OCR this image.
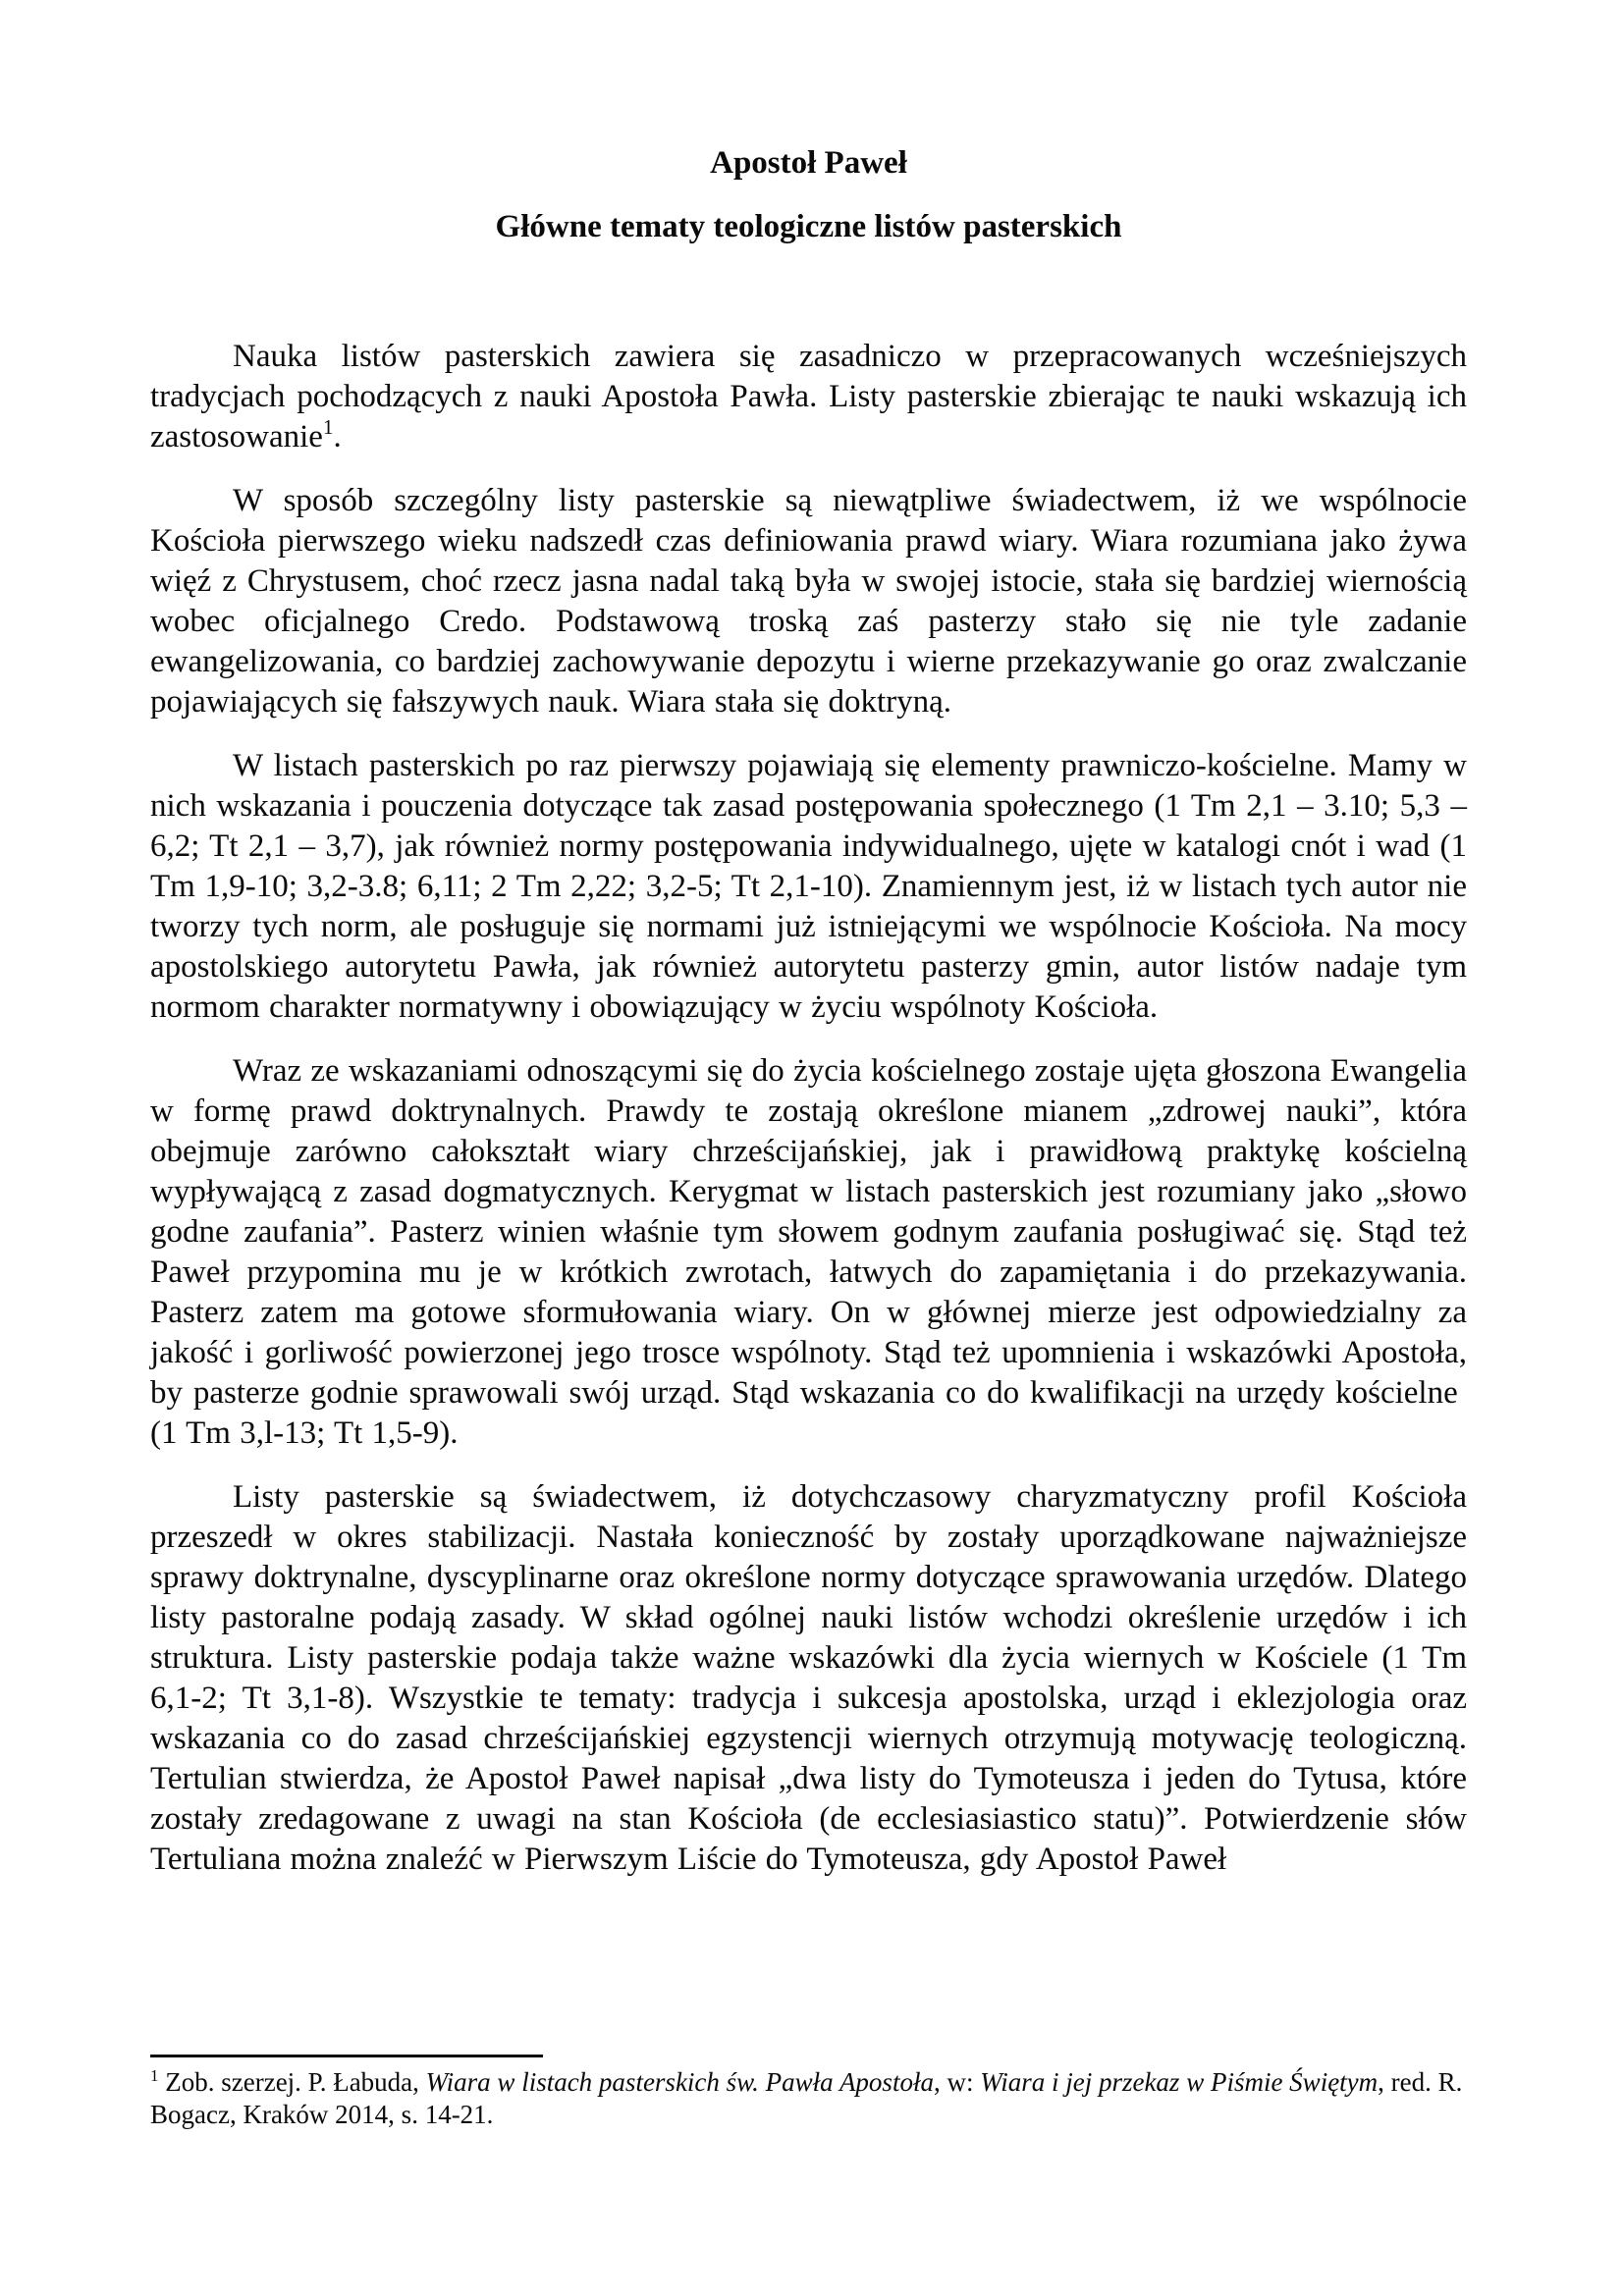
Apostoł Paweł
Główne tematy teologiczne listów pasterskich

Nauka listów pasterskich zawiera się zasadniczo w przepracowanych wcześniejszych tradycjach pochodzących z nauki Apostoła Pawła. Listy pasterskie zbierając te nauki wskazują ich zastosowanie$^1$.

W sposób szczególny listy pasterskie są niewątpliwe świadectwem, iż we wspólnocie Kościoła pierwszego wieku nadszedł czas definiowania prawd wiary. Wiara rozumiana jako żywa więź z Chrystusem, choć rzecz jasna nadal taką była w swojej istocie, stała się bardziej wiernością wobec oficjalnego Credo. Podstawową troską zaś pasterzy stało się nie tyle zadanie ewangelizowania, co bardziej zachowywanie depozytu i wierne przekazywanie go oraz zwalczanie pojawiających się fałszywych nauk. Wiara stała się doktryną.

W listach pasterskich po raz pierwszy pojawiają się elementy prawniczo-kościelne. Mamy w nich wskazania i pouczenia dotyczące tak zasad postępowania społecznego (1 Tm 2,1 – 3.10; 5,3 – 6,2; Tt 2,1 – 3,7), jak również normy postępowania indywidualnego, ujęte w katalogi cnót i wad (1 Tm 1,9-10; 3,2-3.8; 6,11; 2 Tm 2,22; 3,2-5; Tt 2,1-10). Znamiennym jest, iż w listach tych autor nie tworzy tych norm, ale posługuje się normami już istniejącymi we wspólnocie Kościoła. Na mocy apostolskiego autorytetu Pawła, jak również autorytetu pasterzy gmin, autor listów nadaje tym normom charakter normatywny i obowiązujący w życiu wspólnoty Kościoła.

Wraz ze wskazaniami odnoszącymi się do życia kościelnego zostaje ujęta głoszona Ewangelia w formę prawd doktrynalnych. Prawdy te zostają określone mianem „zdrowej nauki”, która obejmuje zarówno całokształt wiary chrześcijańskiej, jak i prawidłową praktykę kościelną wypływającą z zasad dogmatycznych. Kerygmat w listach pasterskich jest rozumiany jako „słowo godne zaufania”. Pasterz winien właśnie tym słowem godnym zaufania posługiwać się. Stąd też Paweł przypomina mu je w krótkich zwrotach, łatwych do zapamiętania i do przekazywania. Pasterz zatem ma gotowe sformułowania wiary. On w głównej mierze jest odpowiedzialny za jakość i gorliwość powierzonej jego trosce wspólnoty. Stąd też upomnienia i wskazówki Apostoła, by pasterze godnie sprawowali swój urząd. Stąd wskazania co do kwalifikacji na urzędy kościelne  (1 Tm 3,l-13; Tt 1,5-9).

Listy pasterskie są świadectwem, iż dotychczasowy charyzmatyczny profil Kościoła przeszedł w okres stabilizacji. Nastała konieczność by zostały uporządkowane najważniejsze sprawy doktrynalne, dyscyplinarne oraz określone normy dotyczące sprawowania urzędów. Dlatego listy pastoralne podają zasady. W skład ogólnej nauki listów wchodzi określenie urzędów i ich struktura. Listy pasterskie podaja także ważne wskazówki dla życia wiernych w Kościele (1 Tm 6,1-2; Tt 3,1-8). Wszystkie te tematy: tradycja i sukcesja apostolska, urząd i eklezjologia oraz wskazania co do zasad chrześcijańskiej egzystencji wiernych otrzymują motywację teologiczną. Tertulian stwierdza, że Apostoł Paweł napisał „dwa listy do Tymoteusza i jeden do Tytusa, które zostały zredagowane z uwagi na stan Kościoła (de ecclesiasiastico statu)”. Potwierdzenie słów Tertuliana można znaleźć w Pierwszym Liście do Tymoteusza, gdy Apostoł Paweł

$^1$ Zob. szerzej. P. Łabuda, Wiara w listach pasterskich św. Pawła Apostoła, w: Wiara i jej przekaz w Piśmie Świętym, red. R. Bogacz, Kraków 2014, s. 14-21.
